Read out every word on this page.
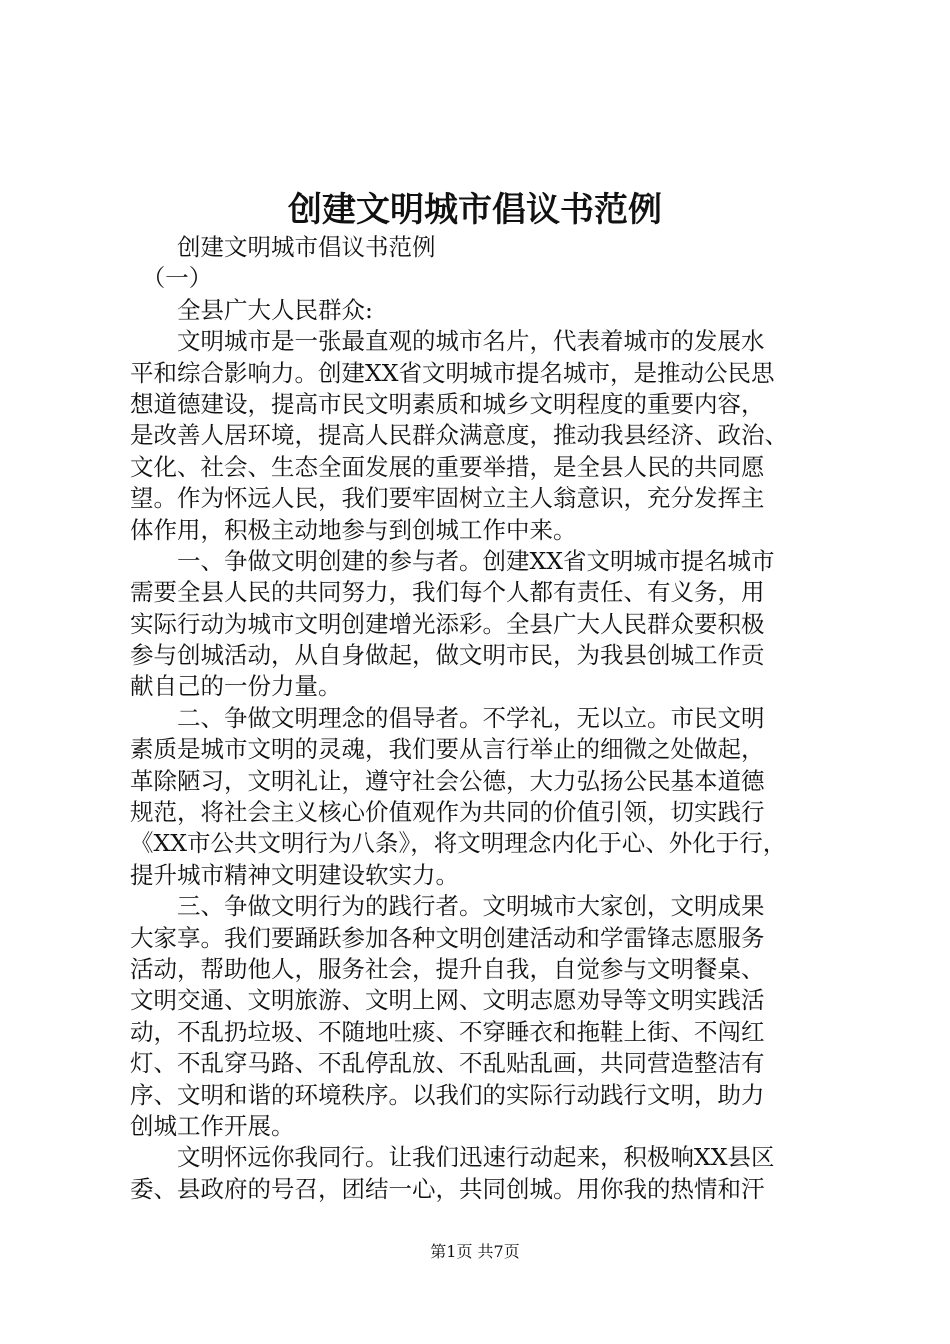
创建文明城市倡议书范例
　　创建文明城市倡议书范例
　（一）
　　全县广大人民群众:
　　文明城市是一张最直观的城市名片，代表着城市的发展水
平和综合影响力。创建XX省文明城市提名城市，是推动公民思
想道德建设，提高市民文明素质和城乡文明程度的重要内容，
是改善人居环境，提高人民群众满意度，推动我县经济、政治、
文化、社会、生态全面发展的重要举措，是全县人民的共同愿
望。作为怀远人民，我们要牢固树立主人翁意识，充分发挥主
体作用，积极主动地参与到创城工作中来。
　　一、争做文明创建的参与者。创建XX省文明城市提名城市
需要全县人民的共同努力，我们每个人都有责任、有义务，用
实际行动为城市文明创建增光添彩。全县广大人民群众要积极
参与创城活动，从自身做起，做文明市民，为我县创城工作贡
献自己的一份力量。
　　二、争做文明理念的倡导者。不学礼，无以立。市民文明
素质是城市文明的灵魂，我们要从言行举止的细微之处做起，
革除陋习，文明礼让，遵守社会公德，大力弘扬公民基本道德
规范，将社会主义核心价值观作为共同的价值引领，切实践行
《XX市公共文明行为八条》，将文明理念内化于心、外化于行，
提升城市精神文明建设软实力。
　　三、争做文明行为的践行者。文明城市大家创，文明成果
大家享。我们要踊跃参加各种文明创建活动和学雷锋志愿服务
活动，帮助他人，服务社会，提升自我，自觉参与文明餐桌、
文明交通、文明旅游、文明上网、文明志愿劝导等文明实践活
动，不乱扔垃圾、不随地吐痰、不穿睡衣和拖鞋上街、不闯红
灯、不乱穿马路、不乱停乱放、不乱贴乱画，共同营造整洁有
序、文明和谐的环境秩序。以我们的实际行动践行文明，助力
创城工作开展。
　　文明怀远你我同行。让我们迅速行动起来，积极响XX县区
委、县政府的号召，团结一心，共同创城。用你我的热情和汗
第1页 共7页
